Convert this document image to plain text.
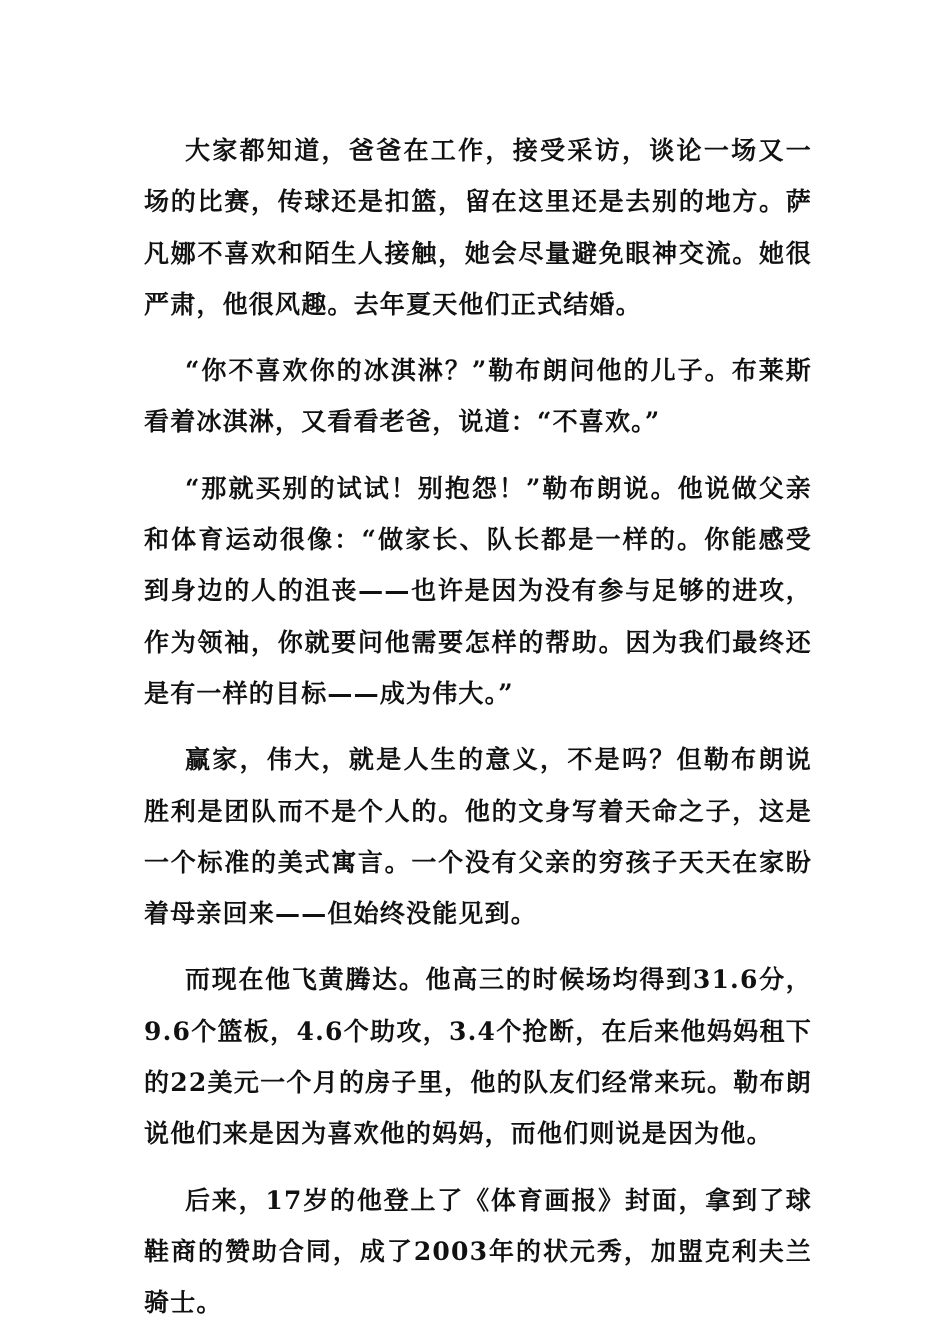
大家都知道，爸爸在工作，接受采访，谈论一场又一场的比赛，传球还是扣篮，留在这里还是去别的地方。萨凡娜不喜欢和陌生人接触，她会尽量避免眼神交流。她很严肃，他很风趣。去年夏天他们正式结婚。

“你不喜欢你的冰淇淋？”勒布朗问他的儿子。布莱斯看着冰淇淋，又看看老爸，说道：“不喜欢。”

“那就买别的试试！别抱怨！”勒布朗说。他说做父亲和体育运动很像：“做家长、队长都是一样的。你能感受到身边的人的沮丧——也许是因为没有参与足够的进攻，作为领袖，你就要问他需要怎样的帮助。因为我们最终还是有一样的目标——成为伟大。”

赢家，伟大，就是人生的意义，不是吗？但勒布朗说胜利是团队而不是个人的。他的文身写着天命之子，这是一个标准的美式寓言。一个没有父亲的穷孩子天天在家盼着母亲回来——但始终没能见到。

而现在他飞黄腾达。他高三的时候场均得到31.6分，9.6个篮板，4.6个助攻，3.4个抢断，在后来他妈妈租下的22美元一个月的房子里，他的队友们经常来玩。勒布朗说他们来是因为喜欢他的妈妈，而他们则说是因为他。

后来，17岁的他登上了《体育画报》封面，拿到了球鞋商的赞助合同，成了2003年的状元秀，加盟克利夫兰骑士。
